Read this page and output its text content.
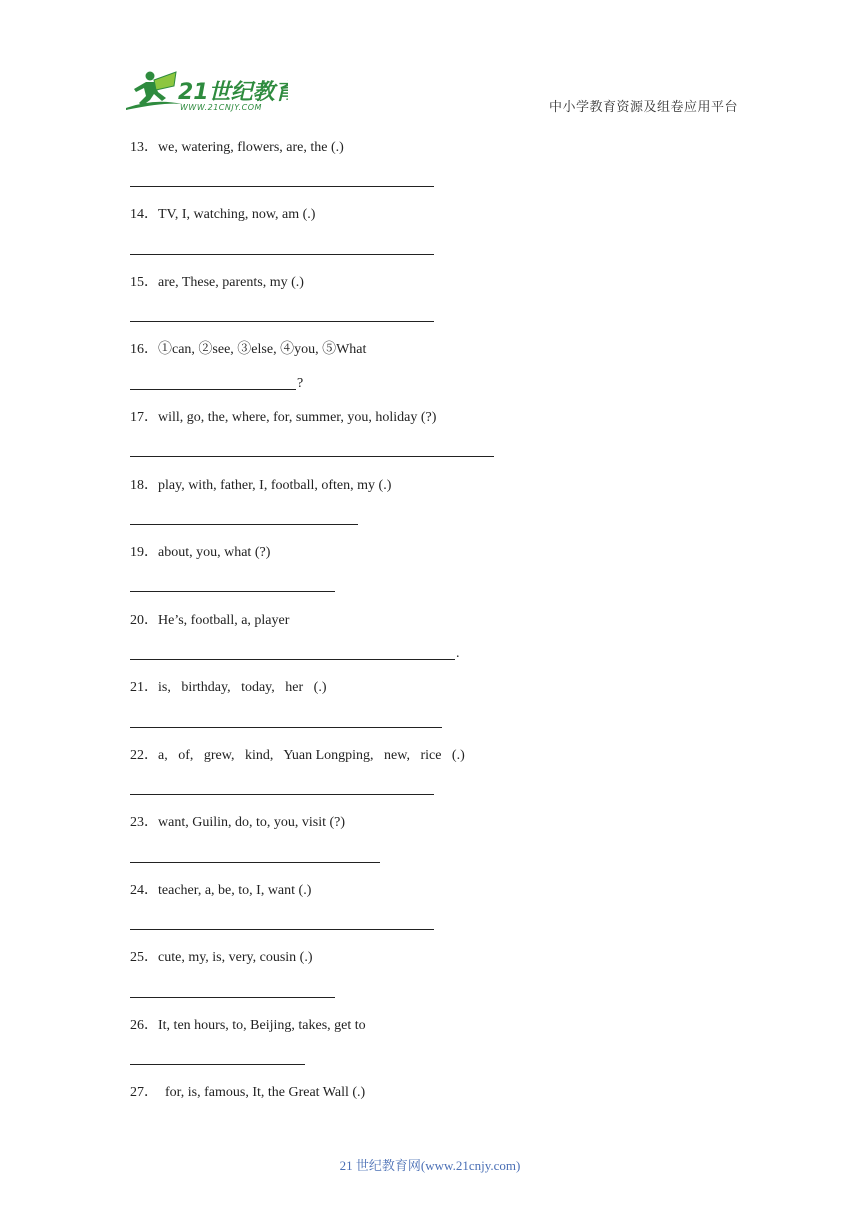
21世纪教育
WWW.21CNJY.COM	中小学教育资源及组卷应用平台
13．we, watering, flowers, are, the (.)
14．TV, I, watching, now, am (.)
15．are, These, parents, my (.)
16．①can, ②see, ③else, ④you, ⑤What
?
17．will, go, the, where, for, summer, you, holiday (?)
18．play, with, father, I, football, often, my (.)
19．about, you, what (?)
20．He’s, football, a, player
.
21．is,   birthday,   today,   her   (.)
22．a,   of,   grew,   kind,   Yuan Longping,   new,   rice   (.)
23．want, Guilin, do, to, you, visit (?)
24．teacher, a, be, to, I, want (.)
25．cute, my, is, very, cousin (.)
26．It, ten hours, to, Beijing, takes, get to
27．  for, is, famous, It, the Great Wall (.)
21 世纪教育网(www.21cnjy.com)
